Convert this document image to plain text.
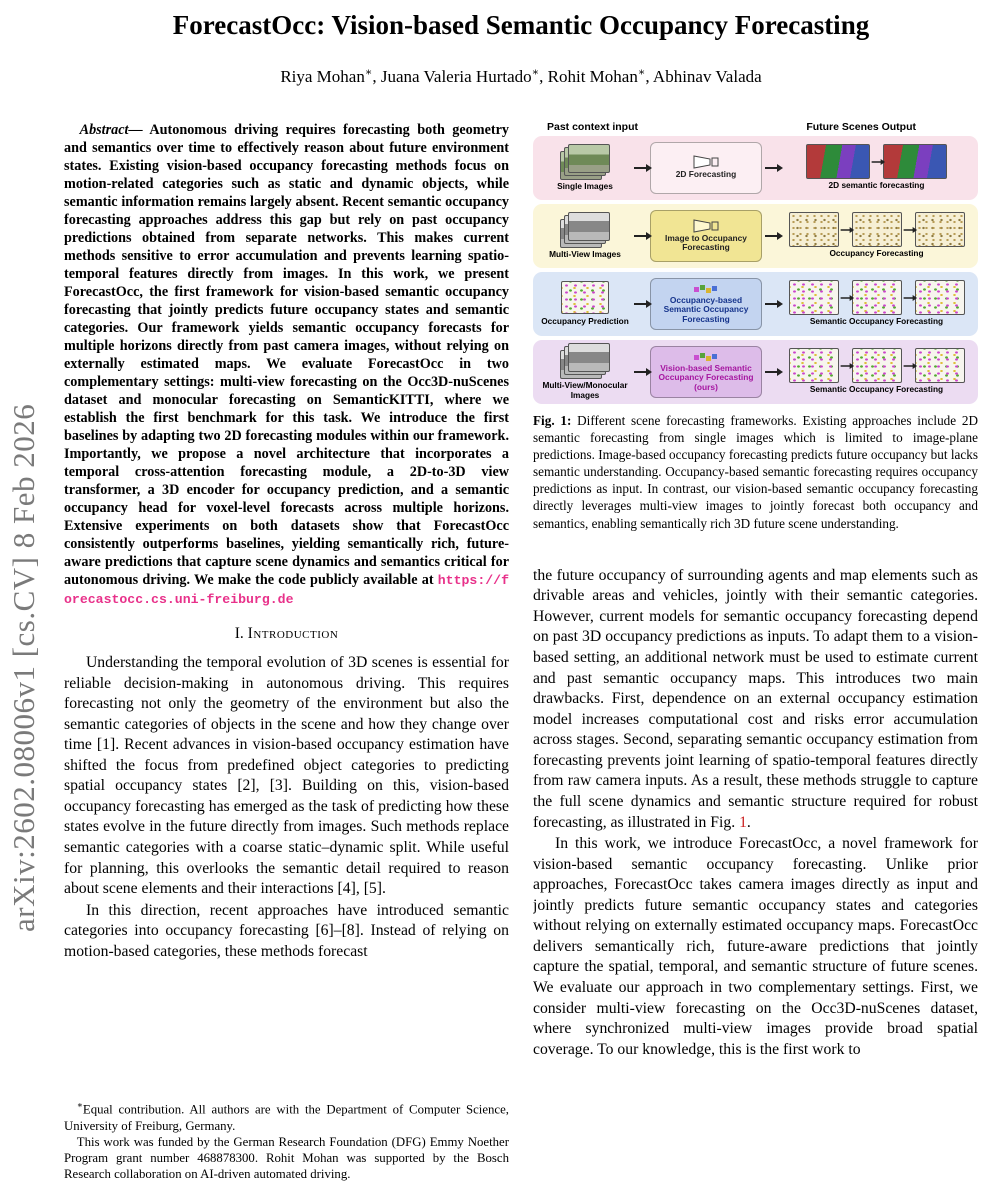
arXiv:2602.08006v1 [cs.CV] 8 Feb 2026
ForecastOcc: Vision-based Semantic Occupancy Forecasting
Riya Mohan∗, Juana Valeria Hurtado∗, Rohit Mohan∗, Abhinav Valada

Abstract— Autonomous driving requires forecasting both geometry and semantics over time to effectively reason about future environment states. Existing vision-based occupancy forecasting methods focus on motion-related categories such as static and dynamic objects, while semantic information remains largely absent. Recent semantic occupancy forecasting approaches address this gap but rely on past occupancy predictions obtained from separate networks. This makes current methods sensitive to error accumulation and prevents learning spatio-temporal features directly from images. In this work, we present ForecastOcc, the first framework for vision-based semantic occupancy forecasting that jointly predicts future occupancy states and semantic categories. Our framework yields semantic occupancy forecasts for multiple horizons directly from past camera images, without relying on externally estimated maps. We evaluate ForecastOcc in two complementary settings: multi-view forecasting on the Occ3D-nuScenes dataset and monocular forecasting on SemanticKITTI, where we establish the first benchmark for this task. We introduce the first baselines by adapting two 2D forecasting modules within our framework. Importantly, we propose a novel architecture that incorporates a temporal cross-attention forecasting module, a 2D-to-3D view transformer, a 3D encoder for occupancy prediction, and a semantic occupancy head for voxel-level forecasts across multiple horizons. Extensive experiments on both datasets show that ForecastOcc consistently outperforms baselines, yielding semantically rich, future-aware predictions that capture scene dynamics and semantics critical for autonomous driving. We make the code publicly available at https://forecastocc.cs.uni-freiburg.de

I. Introduction

Understanding the temporal evolution of 3D scenes is essential for reliable decision-making in autonomous driving. This requires forecasting not only the geometry of the environment but also the semantic categories of objects in the scene and how they change over time [1]. Recent advances in vision-based occupancy estimation have shifted the focus from predefined object categories to predicting spatial occupancy states [2], [3]. Building on this, vision-based occupancy forecasting has emerged as the task of predicting how these states evolve in the future directly from images. Such methods replace semantic categories with a coarse static–dynamic split. While useful for planning, this overlooks the semantic detail required to reason about scene elements and their interactions [4], [5].

In this direction, recent approaches have introduced semantic categories into occupancy forecasting [6]–[8]. Instead of relying on motion-based categories, these methods forecast

∗Equal contribution. All authors are with the Department of Computer Science, University of Freiburg, Germany.

This work was funded by the German Research Foundation (DFG) Emmy Noether Program grant number 468878300. Rohit Mohan was supported by the Bosch Research collaboration on AI-driven automated driving.

Past context input	Future Scenes Output
Single Images
2D Forecasting
2D semantic forecasting
Multi-View Images
Image to Occupancy Forecasting
Occupancy Forecasting
Occupancy Prediction
Occupancy-based Semantic Occupancy Forecasting	Semantic Occupancy Forecasting
Multi-View/Monocular Images
Vision-based Semantic Occupancy Forecasting (ours)	Semantic Occupancy Forecasting
Fig. 1: Different scene forecasting frameworks. Existing approaches include 2D semantic forecasting from single images which is limited to image-plane predictions. Image-based occupancy forecasting predicts future occupancy but lacks semantic understanding. Occupancy-based semantic forecasting requires occupancy predictions as input. In contrast, our vision-based semantic occupancy forecasting directly leverages multi-view images to jointly forecast both occupancy and semantics, enabling semantically rich 3D future scene understanding.

the future occupancy of surrounding agents and map elements such as drivable areas and vehicles, jointly with their semantic categories. However, current models for semantic occupancy forecasting depend on past 3D occupancy predictions as inputs. To adapt them to a vision-based setting, an additional network must be used to estimate current and past semantic occupancy maps. This introduces two main drawbacks. First, dependence on an external occupancy estimation model increases computational cost and risks error accumulation across stages. Second, separating semantic occupancy estimation from forecasting prevents joint learning of spatio-temporal features directly from raw camera inputs. As a result, these methods struggle to capture the full scene dynamics and semantic structure required for robust forecasting, as illustrated in Fig. 1.

In this work, we introduce ForecastOcc, a novel framework for vision-based semantic occupancy forecasting. Unlike prior approaches, ForecastOcc takes camera images directly as input and jointly predicts future semantic occupancy states and categories without relying on externally estimated occupancy maps. ForecastOcc delivers semantically rich, future-aware predictions that jointly capture the spatial, temporal, and semantic structure of future scenes. We evaluate our approach in two complementary settings. First, we consider multi-view forecasting on the Occ3D-nuScenes dataset, where synchronized multi-view images provide broad spatial coverage. To our knowledge, this is the first work to
